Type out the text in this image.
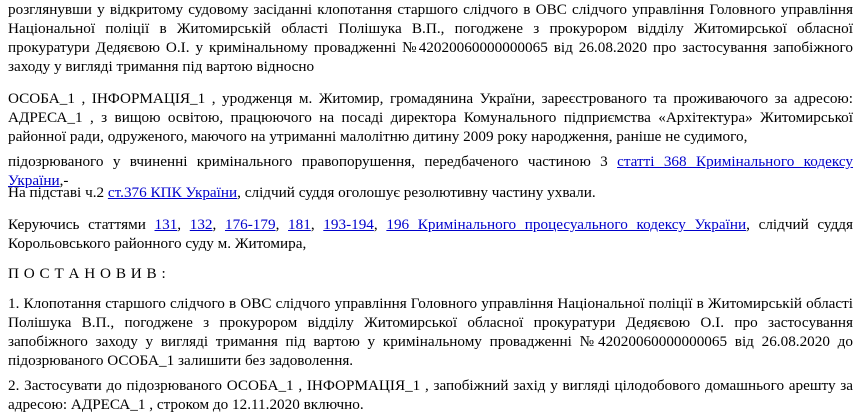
розглянувши у відкритому судовому засіданні клопотання старшого слідчого в ОВС слідчого управління Головного управління Національної поліції в Житомирській області Полішука В.П., погоджене з прокурором відділу Житомирської обласної прокуратури Дедяєвою О.І. у кримінальному провадженні №42020060000000065 від 26.08.2020 про застосування запобіжного заходу у вигляді тримання під вартою відносно

ОСОБА_1 , ІНФОРМАЦІЯ_1 , уродженця м. Житомир, громадянина України, зареєстрованого та проживаючого за адресою: АДРЕСА_1 , з вищою освітою, працюючого на посаді директора Комунального підприємства «Архітектура» Житомирської районної ради, одруженого, маючого на утриманні малолітню дитину 2009 року народження, раніше не судимого,

підозрюваного у вчиненні кримінального правопорушення, передбаченого частиною 3 статті 368 Кримінального кодексу України,-

На підставі ч.2 ст.376 КПК України, слідчий суддя оголошує резолютивну частину ухвали.

Керуючись статтями 131, 132, 176-179, 181, 193-194, 196 Кримінального процесуального кодексу України, слідчий суддя Корольовського районного суду м. Житомира,

П О С Т А Н О В И В :

1. Клопотання старшого слідчого в ОВС слідчого управління Головного управління Національної поліції в Житомирській області Полішука В.П., погоджене з прокурором відділу Житомирської обласної прокуратури Дедяєвою О.І. про застосування запобіжного заходу у вигляді тримання під вартою у кримінальному провадженні №42020060000000065 від 26.08.2020 до підозрюваного ОСОБА_1 залишити без задоволення.

2. Застосувати до підозрюваного ОСОБА_1 , ІНФОРМАЦІЯ_1 , запобіжний захід у вигляді цілодобового домашнього арешту за адресою: АДРЕСА_1 , строком до 12.11.2020 включно.
